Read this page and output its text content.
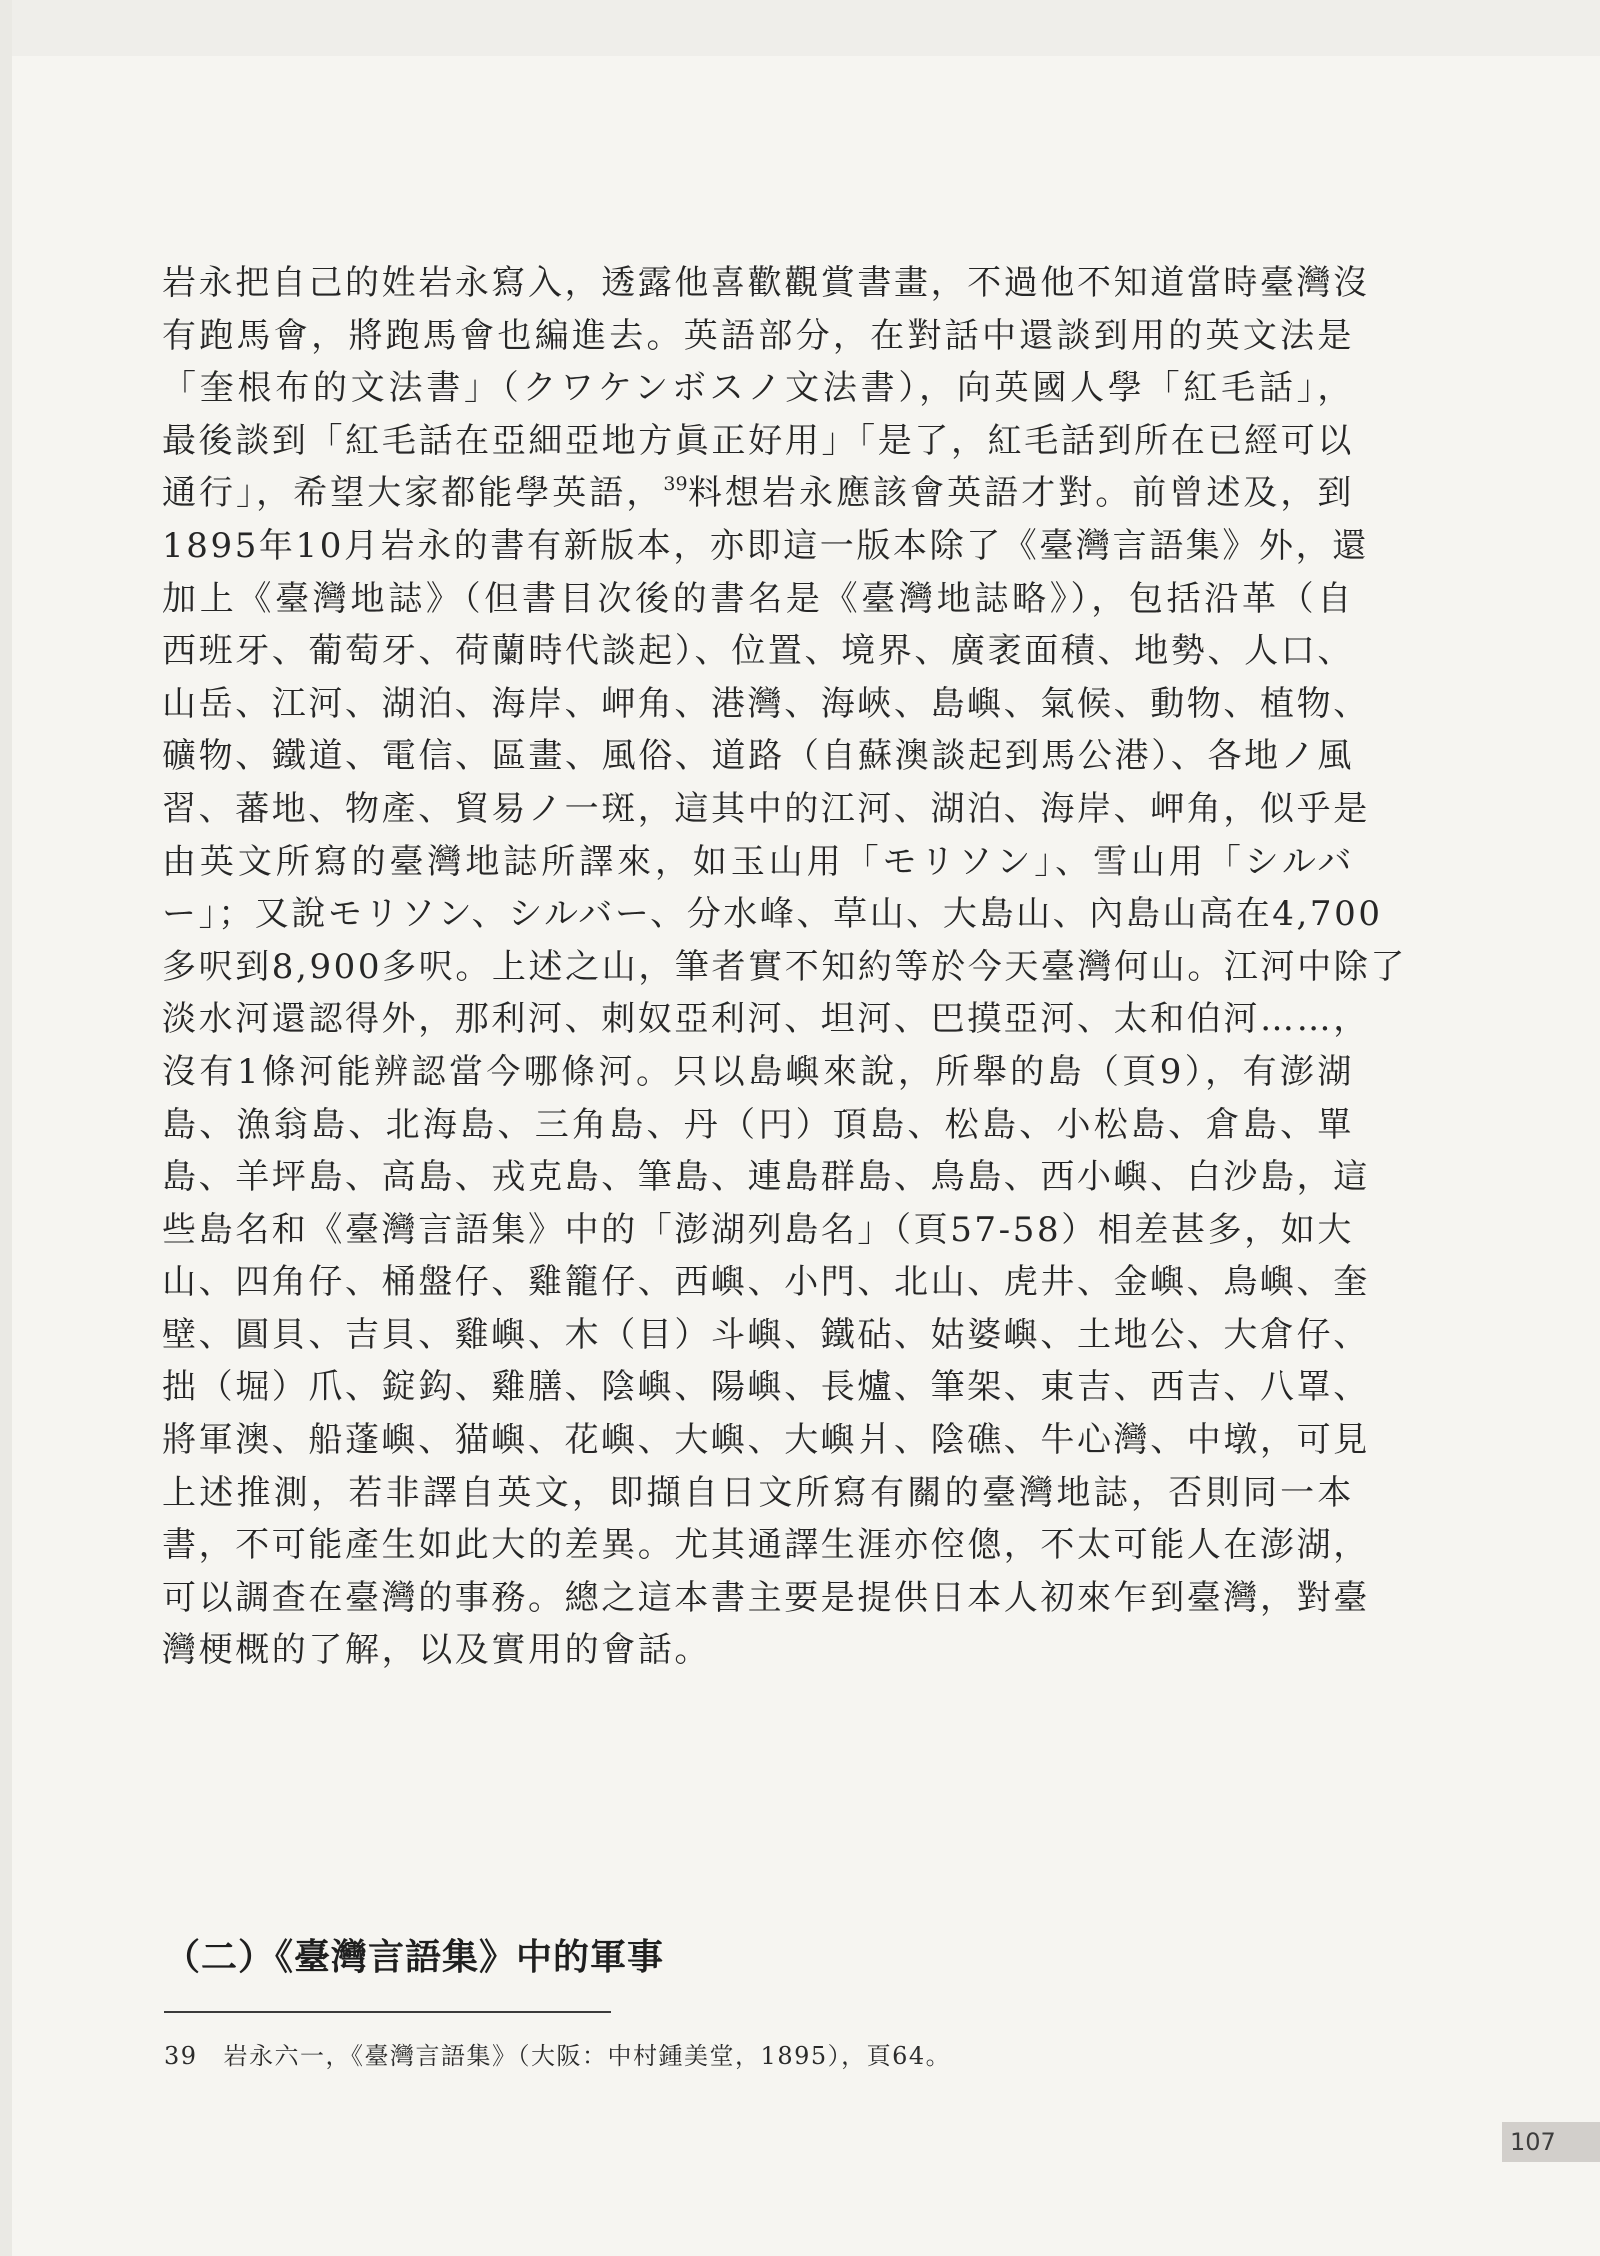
岩永把自己的姓岩永寫入，透露他喜歡觀賞書畫，不過他不知道當時臺灣沒
有跑馬會，將跑馬會也編進去。英語部分，在對話中還談到用的英文法是
「奎根布的文法書」（クワケンボスノ文法書），向英國人學「紅毛話」，
最後談到「紅毛話在亞細亞地方眞正好用」「是了，紅毛話到所在已經可以
通行」，希望大家都能學英語，$^{39}$料想岩永應該會英語才對。前曾述及，到
1895年10月岩永的書有新版本，亦即這一版本除了《臺灣言語集》外，還
加上《臺灣地誌》（但書目次後的書名是《臺灣地誌略》），包括沿革（自
西班牙、葡萄牙、荷蘭時代談起）、位置、境界、廣袤面積、地勢、人口、
山岳、江河、湖泊、海岸、岬角、港灣、海峽、島嶼、氣候、動物、植物、
礦物、鐵道、電信、區畫、風俗、道路（自蘇澳談起到馬公港）、各地ノ風
習、蕃地、物產、貿易ノ一斑，這其中的江河、湖泊、海岸、岬角，似乎是
由英文所寫的臺灣地誌所譯來，如玉山用「モリソン」、雪山用「シルバ
ー」；又說モリソン、シルバー、分水峰、草山、大島山、內島山高在4,700
多呎到8,900多呎。上述之山，筆者實不知約等於今天臺灣何山。江河中除了
淡水河還認得外，那利河、刺奴亞利河、坦河、巴摸亞河、太和伯河……，
沒有1條河能辨認當今哪條河。只以島嶼來說，所舉的島（頁9），有澎湖
島、漁翁島、北海島、三角島、丹（円）頂島、松島、小松島、倉島、單
島、羊坪島、高島、戎克島、筆島、連島群島、鳥島、西小嶼、白沙島，這
些島名和《臺灣言語集》中的「澎湖列島名」（頁57-58）相差甚多，如大
山、四角仔、桶盤仔、雞籠仔、西嶼、小門、北山、虎井、金嶼、鳥嶼、奎
壁、圓貝、吉貝、雞嶼、木（目）斗嶼、鐵砧、姑婆嶼、土地公、大倉仔、
拙（堀）爪、錠鈎、雞膳、陰嶼、陽嶼、長爐、筆架、東吉、西吉、八罩、
將軍澳、船蓬嶼、猫嶼、花嶼、大嶼、大嶼爿、陰礁、牛心灣、中墩，可見
上述推測，若非譯自英文，即擷自日文所寫有關的臺灣地誌，否則同一本
書，不可能產生如此大的差異。尤其通譯生涯亦倥傯，不太可能人在澎湖，
可以調查在臺灣的事務。總之這本書主要是提供日本人初來乍到臺灣，對臺
灣梗概的了解，以及實用的會話。
（二）《臺灣言語集》中的軍事
39 岩永六一，《臺灣言語集》（大阪：中村鍾美堂，1895），頁64。
107
